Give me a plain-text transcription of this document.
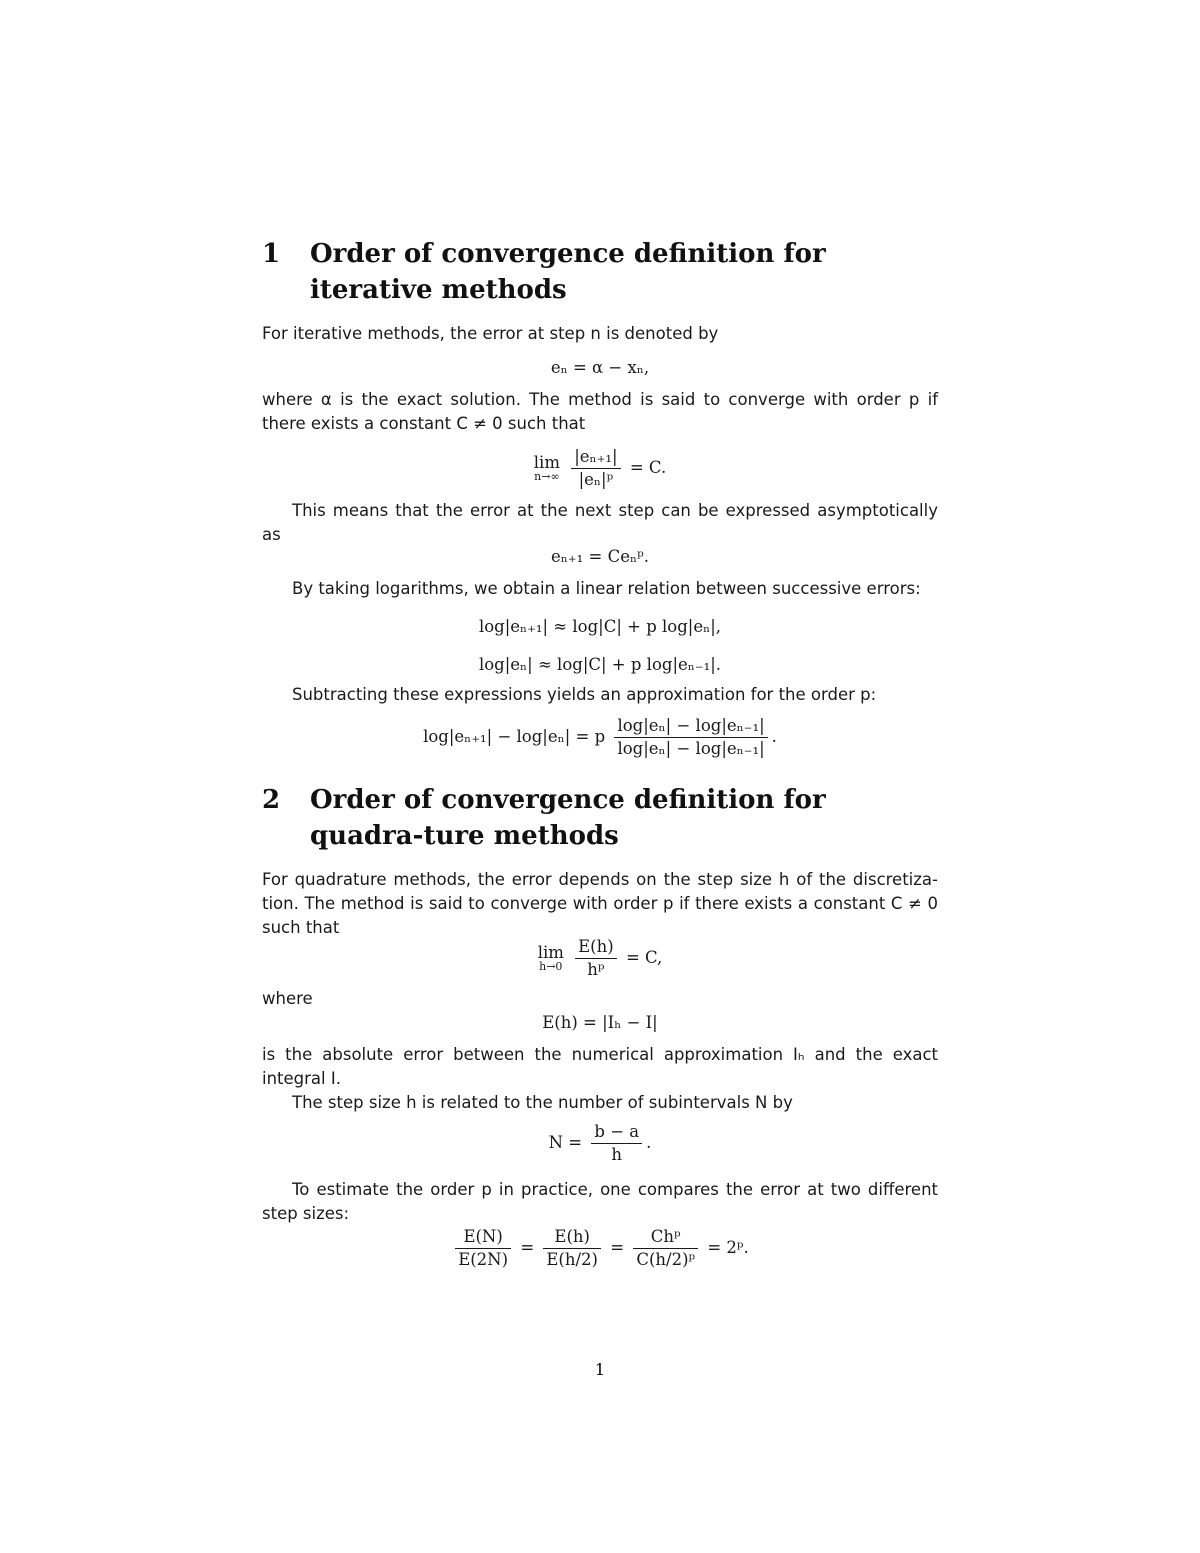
1	Order of convergence definition for iterative methods

For iterative methods, the error at step n is denoted by

eₙ = α − xₙ,

where α is the exact solution. The method is said to converge with order p if there exists a constant C ≠ 0 such that

lim
n→∞
$\frac{\text{|eₙ₊₁|}}{\text{|eₙ|ᵖ}} = C$.

This means that the error at the next step can be expressed asymptotically as

eₙ₊₁ = Ceₙᵖ.

By taking logarithms, we obtain a linear relation between successive errors:

log|eₙ₊₁| ≈ log|C| + p log|eₙ|,
log|eₙ| ≈ log|C| + p log|eₙ₋₁|.

Subtracting these expressions yields an approximation for the order p:

log|eₙ₊₁| − log|eₙ| = p $\frac{\text{log|eₙ| − log|eₙ₋₁|}}{\text{log|eₙ| − log|eₙ₋₁|}}$ .
2	Order of convergence definition for quadra-ture methods

For quadrature methods, the error depends on the step size h of the discretiza-tion. The method is said to converge with order p if there exists a constant C ≠ 0 such that

lim
h→0
$\frac{E(h)}{\text{hᵖ}} = C$,

where

E(h) = |Iₕ − I|

is the absolute error between the numerical approximation Iₕ and the exact integral I.

The step size h is related to the number of subintervals N by

$N = \frac{b - a}{h}$ .

To estimate the order p in practice, one compares the error at two different step sizes:

$\frac{E(N)}{E(2N)} = \frac{E(h)}{E(h/2)} = \frac{\text{Chᵖ}}{\text{C(h/2)ᵖ}}$ = 2ᵖ.
1
